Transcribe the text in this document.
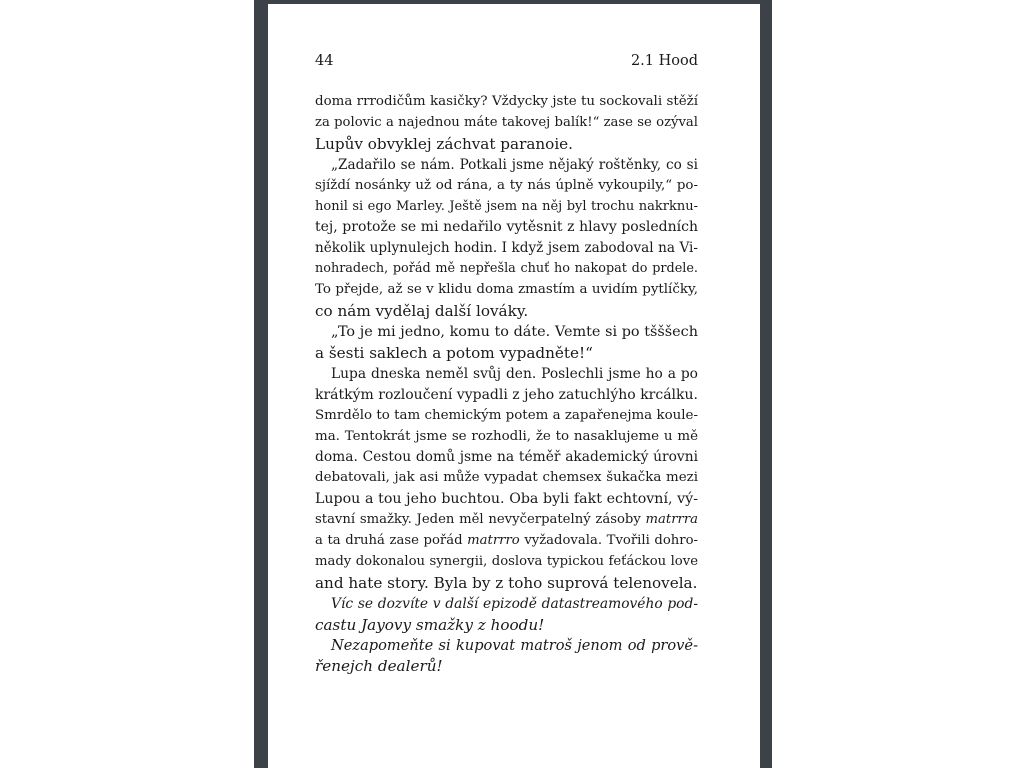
44	2.1 Hood
doma rrrodičům kasičky? Vždycky jste tu sockovali stěží
za polovic a najednou máte takovej balík!“ zase se ozýval
Lupův obvyklej záchvat paranoie.
„Zadařilo se nám. Potkali jsme nějaký roštěnky, co si
sjíždí nosánky už od rána, a ty nás úplně vykoupily,“ po-
honil si ego Marley. Ještě jsem na něj byl trochu nakrknu-
tej, protože se mi nedařilo vytěsnit z hlavy posledních
několik uplynulejch hodin. I když jsem zabodoval na Vi-
nohradech, pořád mě nepřešla chuť ho nakopat do prdele.
To přejde, až se v klidu doma zmastím a uvidím pytlíčky,
co nám vydělaj další lováky.
„To je mi jedno, komu to dáte. Vemte si po tšššech
a šesti saklech a potom vypadněte!“
Lupa dneska neměl svůj den. Poslechli jsme ho a po
krátkým rozloučení vypadli z jeho zatuchlýho krcálku.
Smrdělo to tam chemickým potem a zapařenejma koule-
ma. Tentokrát jsme se rozhodli, že to nasaklujeme u mě
doma. Cestou domů jsme na téměř akademický úrovni
debatovali, jak asi může vypadat chemsex šukačka mezi
Lupou a tou jeho buchtou. Oba byli fakt echtovní, vý-
stavní smažky. Jeden měl nevyčerpatelný zásoby matrrra
a ta druhá zase pořád matrrro vyžadovala. Tvořili dohro-
mady dokonalou synergii, doslova typickou feťáckou love
and hate story. Byla by z toho suprová telenovela.
Víc se dozvíte v další epizodě datastreamového pod-
castu Jayovy smažky z hoodu!
Nezapomeňte si kupovat matroš jenom od prově-
řenejch dealerů!
